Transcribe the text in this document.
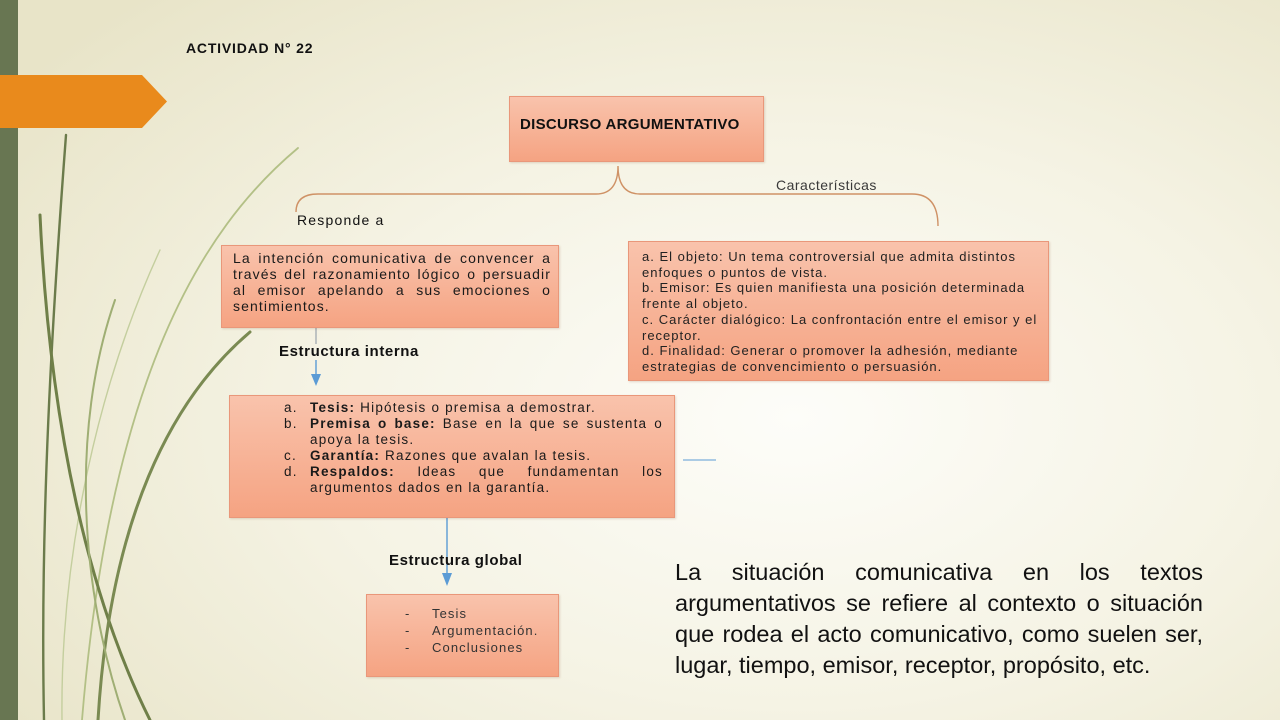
ACTIVIDAD N° 22
DISCURSO ARGUMENTATIVO
Responde a
Características
La intención comunicativa de convencer a través del razonamiento lógico o persuadir al emisor apelando a sus emociones o sentimientos.
a. El objeto: Un tema controversial que admita distintos enfoques o puntos de vista.
b. Emisor: Es quien manifiesta una posición determinada frente al objeto.
c. Carácter dialógico: La confrontación entre el emisor y el receptor.
d. Finalidad: Generar o promover la adhesión, mediante estrategias de convencimiento o persuasión.
Estructura interna
a. Tesis: Hipótesis o premisa a demostrar.
b. Premisa o base: Base en la que se sustenta o apoya la tesis.
c. Garantía: Razones que avalan la tesis.
d. Respaldos: Ideas que fundamentan los argumentos dados en la garantía.
Estructura global
-	Tesis
-	Argumentación.
-	Conclusiones
La situación comunicativa en los textos argumentativos se refiere al contexto o situación que rodea el acto comunicativo, como suelen ser, lugar, tiempo, emisor, receptor, propósito, etc.
